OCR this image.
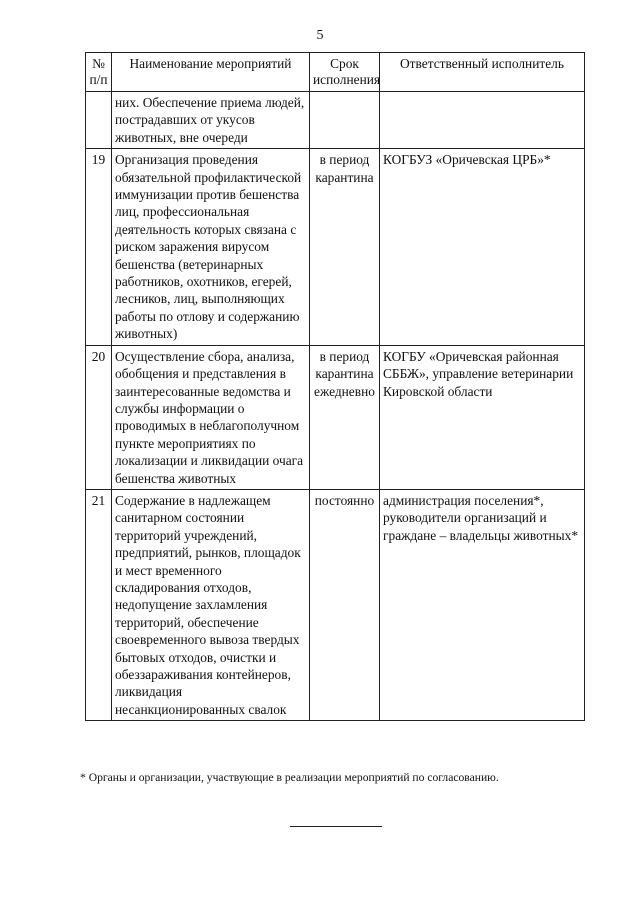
5
№ п/п	Наименование мероприятий	Срок исполнения	Ответственный исполнитель
	них. Обеспечение приема людей, пострадавших от укусов животных, вне очереди		
19	Организация проведения обязательной профилактической иммунизации против бешенства лиц, профессиональная деятельность которых связана с риском заражения вирусом бешенства (ветеринарных работников, охотников, егерей, лесников, лиц, выполняющих работы по отлову и содержанию животных)	в период карантина	КОГБУЗ «Оричевская ЦРБ»*
20	Осуществление сбора, анализа, обобщения и представления в заинтересованные ведомства и службы информации о проводимых в неблагополучном пункте мероприятиях по локализации и ликвидации очага бешенства животных	в период карантина ежедневно	КОГБУ «Оричевская районная СББЖ», управление ветеринарии Кировской области
21	Содержание в надлежащем санитарном состоянии территорий учреждений, предприятий, рынков, площадок и мест временного складирования отходов, недопущение захламления территорий, обеспечение своевременного вывоза твердых бытовых отходов, очистки и обеззараживания контейнеров, ликвидация несанкционированных свалок	постоянно	администрация поселения*, руководители организаций и граждане – владельцы животных*
* Органы и организации, участвующие в реализации мероприятий по согласованию.
